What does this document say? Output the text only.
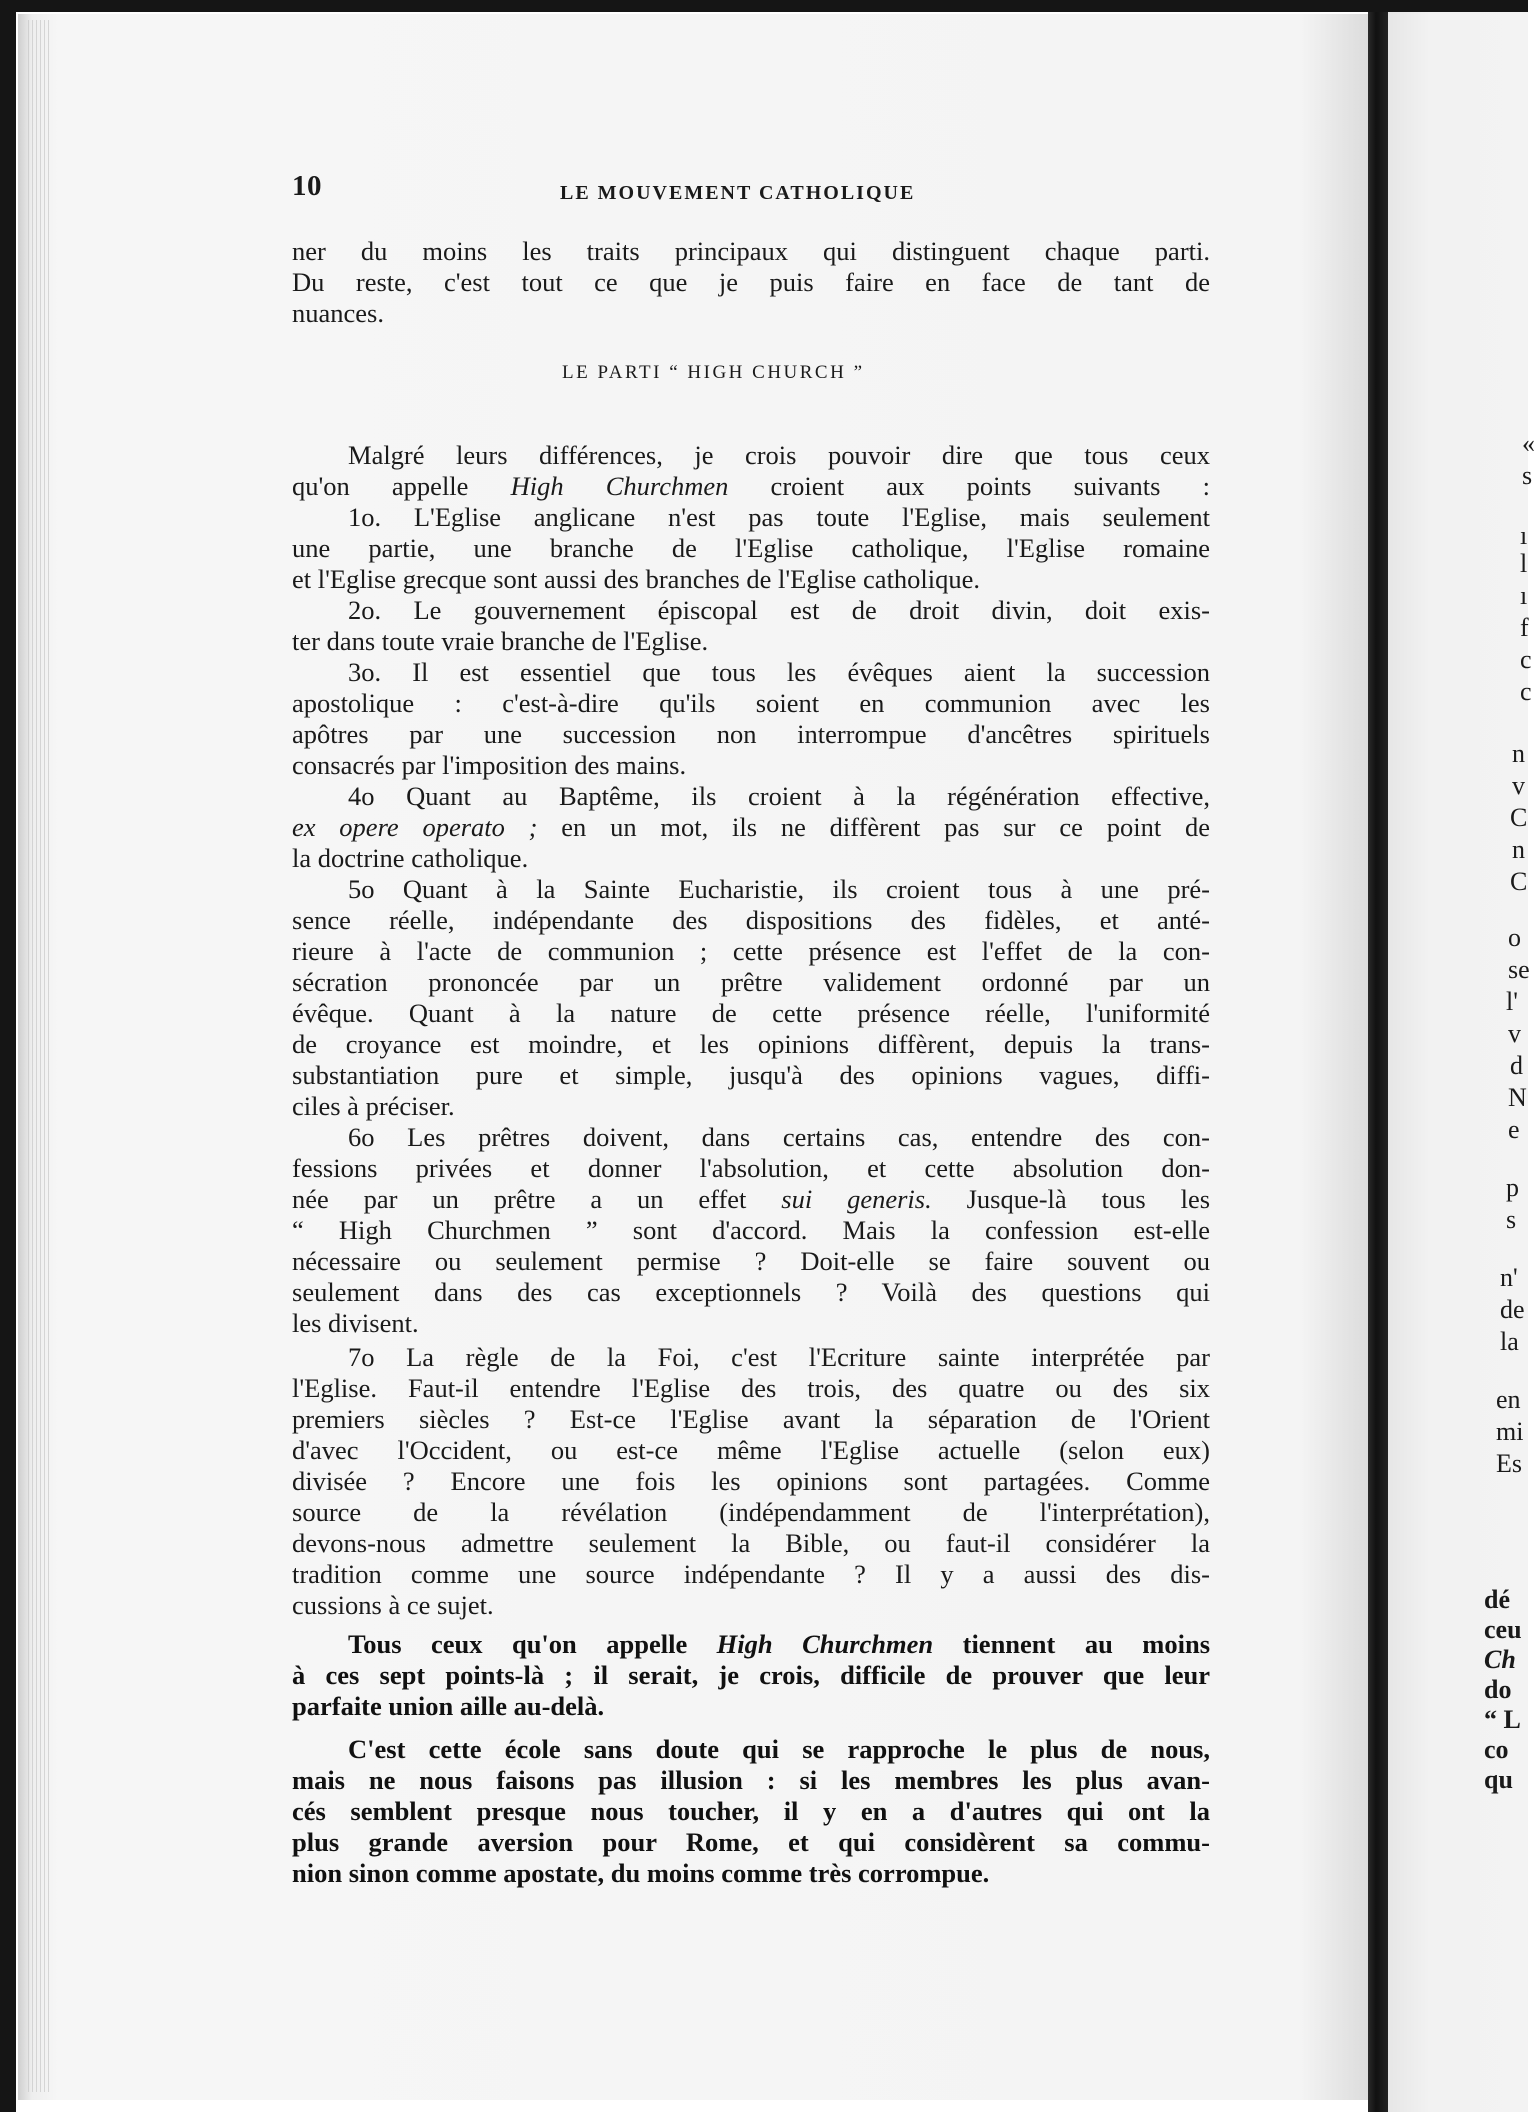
10	LE MOUVEMENT CATHOLIQUE
ner du moins les traits principaux qui distinguent chaque parti.
Du reste, c'est tout ce que je puis faire en face de tant de
nuances.
LE PARTI “ HIGH CHURCH ”
Malgré leurs différences, je crois pouvoir dire que tous ceux
qu'on appelle High Churchmen croient aux points suivants :
1o. L'Eglise anglicane n'est pas toute l'Eglise, mais seulement
une partie, une branche de l'Eglise catholique, l'Eglise romaine
et l'Eglise grecque sont aussi des branches de l'Eglise catholique.
2o. Le gouvernement épiscopal est de droit divin, doit exis-
ter dans toute vraie branche de l'Eglise.
3o. Il est essentiel que tous les évêques aient la succession
apostolique : c'est-à-dire qu'ils soient en communion avec les
apôtres par une succession non interrompue d'ancêtres spirituels
consacrés par l'imposition des mains.
4o Quant au Baptême, ils croient à la régénération effective,
ex opere operato ; en un mot, ils ne diffèrent pas sur ce point de
la doctrine catholique.
5o Quant à la Sainte Eucharistie, ils croient tous à une pré-
sence réelle, indépendante des dispositions des fidèles, et anté-
rieure à l'acte de communion ; cette présence est l'effet de la con-
sécration prononcée par un prêtre validement ordonné par un
évêque. Quant à la nature de cette présence réelle, l'uniformité
de croyance est moindre, et les opinions diffèrent, depuis la trans-
substantiation pure et simple, jusqu'à des opinions vagues, diffi-
ciles à préciser.
6o Les prêtres doivent, dans certains cas, entendre des con-
fessions privées et donner l'absolution, et cette absolution don-
née par un prêtre a un effet sui generis. Jusque-là tous les
“ High Churchmen ” sont d'accord. Mais la confession est-elle
nécessaire ou seulement permise ? Doit-elle se faire souvent ou
seulement dans des cas exceptionnels ? Voilà des questions qui
les divisent.
7o La règle de la Foi, c'est l'Ecriture sainte interprétée par
l'Eglise. Faut-il entendre l'Eglise des trois, des quatre ou des six
premiers siècles ? Est-ce l'Eglise avant la séparation de l'Orient
d'avec l'Occident, ou est-ce même l'Eglise actuelle (selon eux)
divisée ? Encore une fois les opinions sont partagées. Comme
source de la révélation (indépendamment de l'interprétation),
devons-nous admettre seulement la Bible, ou faut-il considérer la
tradition comme une source indépendante ? Il y a aussi des dis-
cussions à ce sujet.
Tous ceux qu'on appelle High Churchmen tiennent au moins
à ces sept points-là ; il serait, je crois, difficile de prouver que leur
parfaite union aille au-delà.
C'est cette école sans doute qui se rapproche le plus de nous,
mais ne nous faisons pas illusion : si les membres les plus avan-
cés semblent presque nous toucher, il y en a d'autres qui ont la
plus grande aversion pour Rome, et qui considèrent sa commu-
nion sinon comme apostate, du moins comme très corrompue.
«
s
ı
l
ı
f
c
c
n
v
C
n
C
o
se
l'
v
d
N
e
p
s
n'
de
la
en
mi
Es
dé
ceu
Ch
do
“ L
co
qu
